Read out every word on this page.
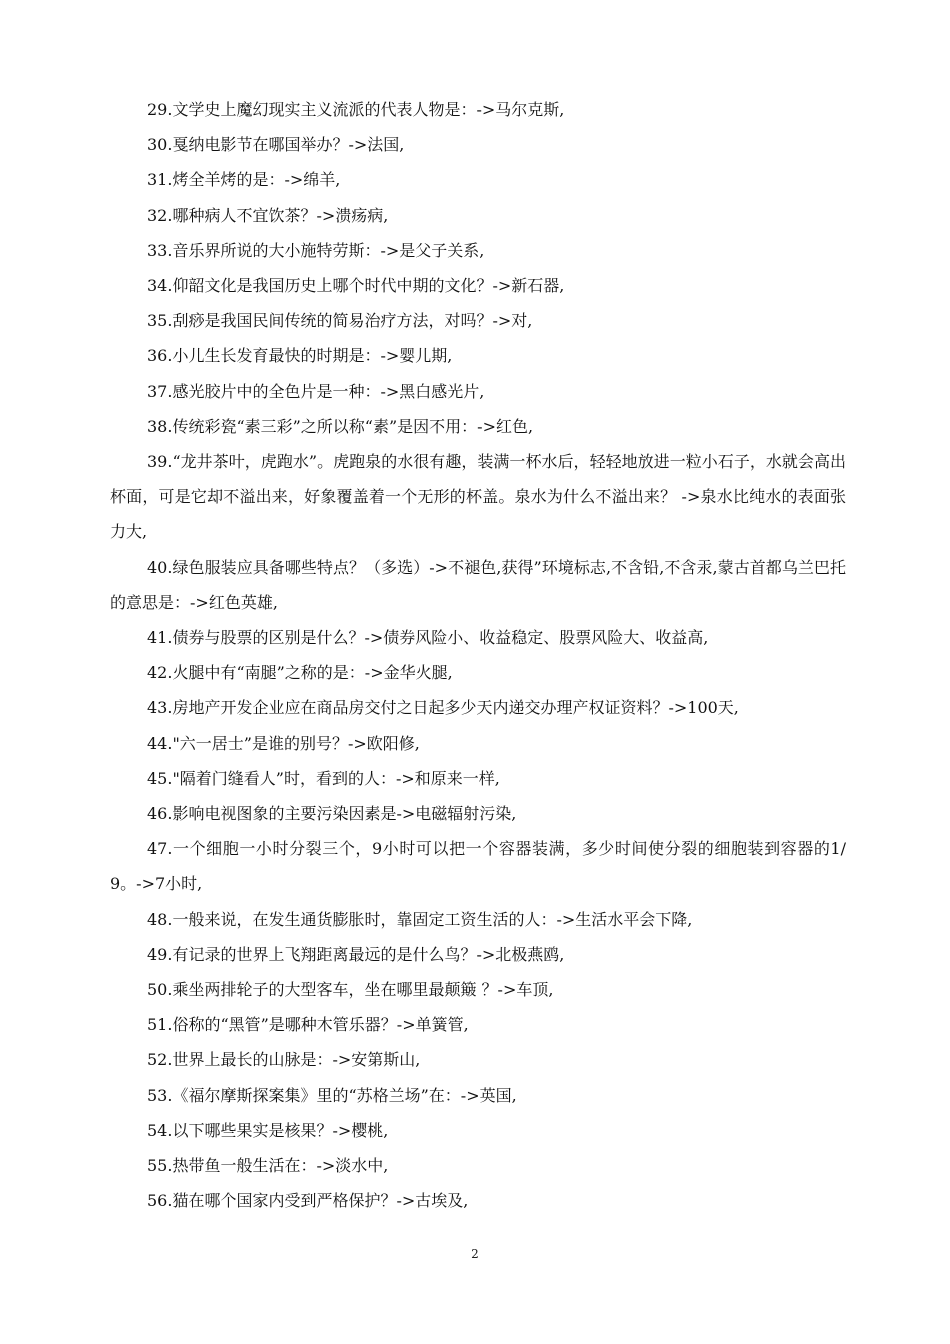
29.文学史上魔幻现实主义流派的代表人物是：->马尔克斯,

30.戛纳电影节在哪国举办？->法国,

31.烤全羊烤的是：->绵羊,

32.哪种病人不宜饮茶？->溃疡病,

33.音乐界所说的大小施特劳斯：->是父子关系,

34.仰韶文化是我国历史上哪个时代中期的文化？->新石器,

35.刮痧是我国民间传统的简易治疗方法，对吗？->对,

36.小儿生长发育最快的时期是：->婴儿期,

37.感光胶片中的全色片是一种：->黑白感光片,

38.传统彩瓷“素三彩”之所以称“素”是因不用：->红色,

39.“龙井茶叶，虎跑水”。虎跑泉的水很有趣，装满一杯水后，轻轻地放进一粒小石子，水就会高出杯面，可是它却不溢出来，好象覆盖着一个无形的杯盖。泉水为什么不溢出来？ ->泉水比纯水的表面张力大,

40.绿色服装应具备哪些特点？（多选）->不褪色,获得”环境标志,不含铅,不含汞,蒙古首都乌兰巴托的意思是：->红色英雄,

41.债券与股票的区别是什么？->债券风险小、收益稳定、股票风险大、收益高,

42.火腿中有“南腿”之称的是：->金华火腿,

43.房地产开发企业应在商品房交付之日起多少天内递交办理产权证资料？->100天,

44."六一居士”是谁的别号？->欧阳修,

45."隔着门缝看人”时，看到的人：->和原来一样,

46.影响电视图象的主要污染因素是->电磁辐射污染,

47.一个细胞一小时分裂三个，9小时可以把一个容器装满，多少时间使分裂的细胞装到容器的1/9。->7小时,

48.一般来说，在发生通货膨胀时，靠固定工资生活的人：->生活水平会下降,

49.有记录的世界上飞翔距离最远的是什么鸟？->北极燕鸥,

50.乘坐两排轮子的大型客车，坐在哪里最颠簸 ？->车顶,

51.俗称的“黑管”是哪种木管乐器？->单簧管,

52.世界上最长的山脉是：->安第斯山,

53.《福尔摩斯探案集》里的“苏格兰场”在：->英国,

54.以下哪些果实是核果？->樱桃,

55.热带鱼一般生活在：->淡水中,

56.猫在哪个国家内受到严格保护？->古埃及,

2
